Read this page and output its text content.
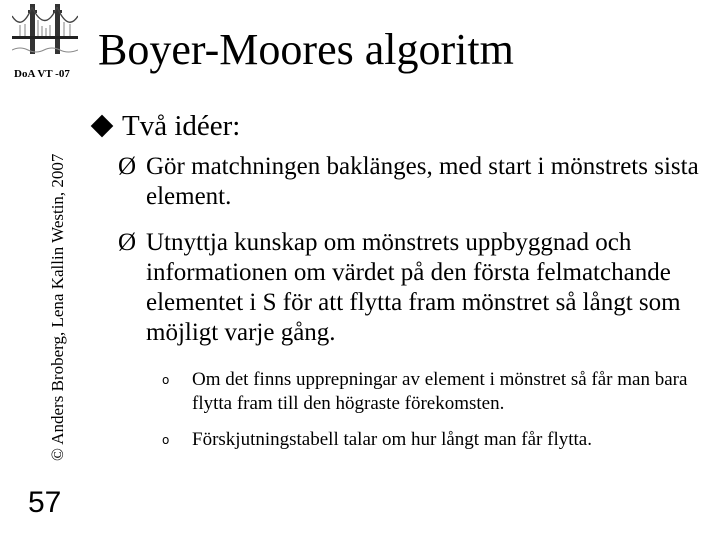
DoA VT -07
© Anders Broberg, Lena Kallin Westin, 2007
57
Boyer-Moores algoritm
Två idéer:
Ø Gör matchningen baklänges, med start i mönstrets sista element.
Ø Utnyttja kunskap om mönstrets uppbyggnad och informationen om värdet på den första felmatchande elementet i S för att flytta fram mönstret så långt som möjligt varje gång.
o	Om det finns upprepningar av element i mönstret så får man bara flytta fram till den högraste förekomsten.
o	Förskjutningstabell talar om hur långt man får flytta.
